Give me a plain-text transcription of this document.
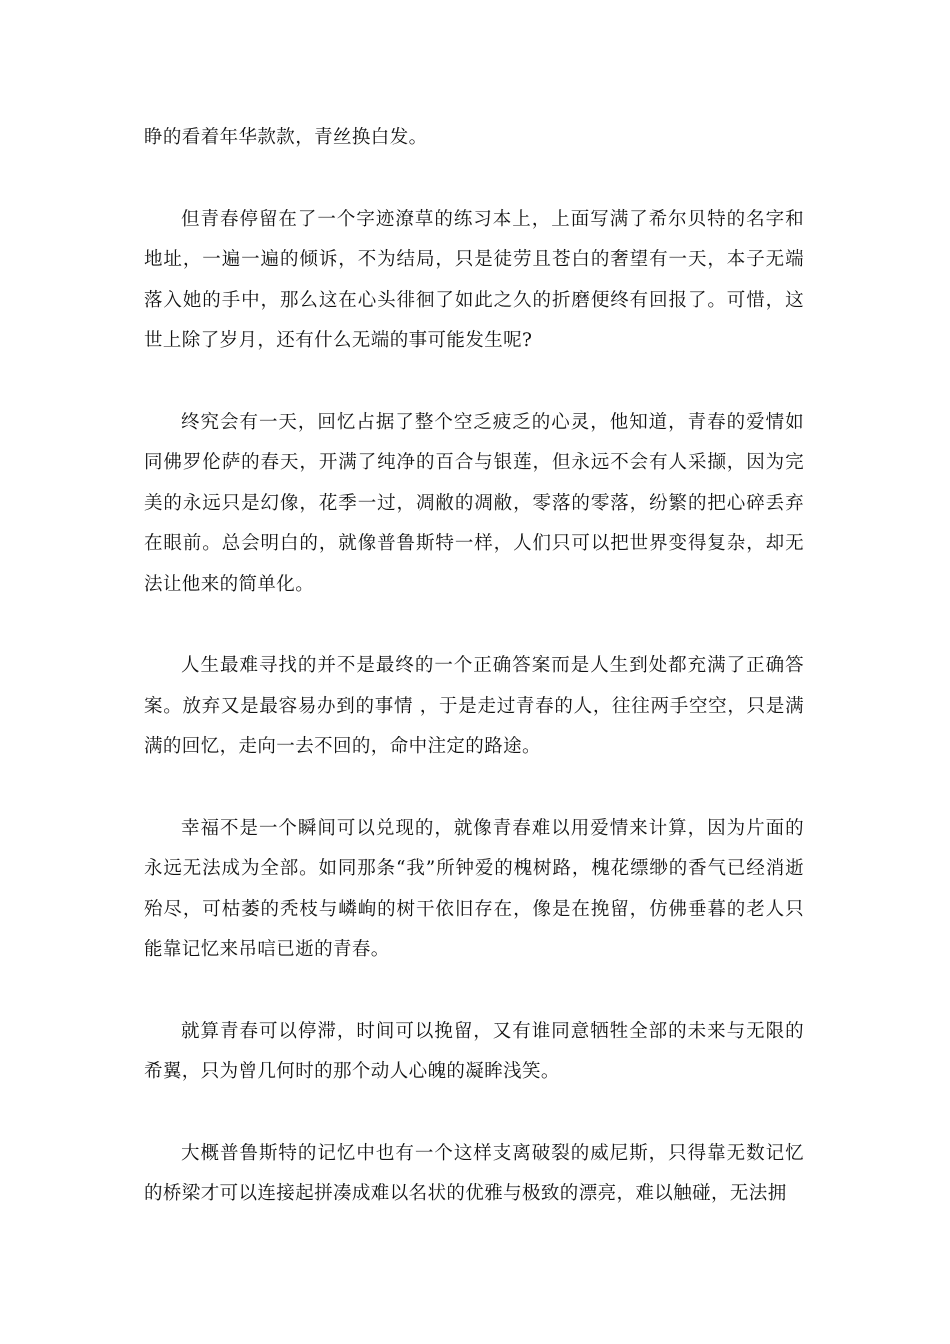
睁的看着年华款款，青丝换白发。

但青春停留在了一个字迹潦草的练习本上，上面写满了希尔贝特的名字和地址，一遍一遍的倾诉，不为结局，只是徒劳且苍白的奢望有一天，本子无端落入她的手中，那么这在心头徘徊了如此之久的折磨便终有回报了。可惜，这世上除了岁月，还有什么无端的事可能发生呢?

终究会有一天，回忆占据了整个空乏疲乏的心灵，他知道，青春的爱情如同佛罗伦萨的春天，开满了纯净的百合与银莲，但永远不会有人采撷，因为完美的永远只是幻像，花季一过，凋敝的凋敝，零落的零落，纷繁的把心碎丢弃在眼前。总会明白的，就像普鲁斯特一样，人们只可以把世界变得复杂，却无法让他来的简单化。

人生最难寻找的并不是最终的一个正确答案而是人生到处都充满了正确答案。放弃又是最容易办到的事情 ，于是走过青春的人，往往两手空空，只是满满的回忆，走向一去不回的，命中注定的路途。

幸福不是一个瞬间可以兑现的，就像青春难以用爱情来计算，因为片面的永远无法成为全部。如同那条“我”所钟爱的槐树路，槐花缥缈的香气已经消逝殆尽，可枯萎的秃枝与嶙峋的树干依旧存在，像是在挽留，仿佛垂暮的老人只能靠记忆来吊唁已逝的青春。

就算青春可以停滞，时间可以挽留，又有谁同意牺牲全部的未来与无限的希翼，只为曾几何时的那个动人心魄的凝眸浅笑。

大概普鲁斯特的记忆中也有一个这样支离破裂的威尼斯，只得靠无数记忆的桥梁才可以连接起拼凑成难以名状的优雅与极致的漂亮，难以触碰，无法拥
